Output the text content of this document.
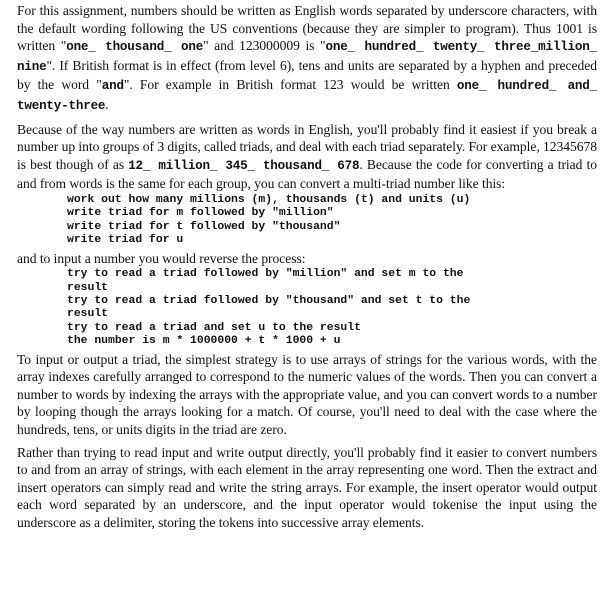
For this assignment, numbers should be written as English words separated by underscore characters, with the default wording following the US conventions (because they are simpler to program). Thus 1001 is written "one_ thousand_ one" and 123000009 is "one_ hundred_ twenty_ three_million_ nine". If British format is in effect (from level 6), tens and units are separated by a hyphen and preceded by the word "and". For example in British format 123 would be written one_ hundred_ and_ twenty-three.

Because of the way numbers are written as words in English, you'll probably find it easiest if you break a number up into groups of 3 digits, called triads, and deal with each triad separately. For example, 12345678 is best though of as 12_ million_ 345_ thousand_ 678. Because the code for converting a triad to and from words is the same for each group, you can convert a multi-triad number like this:

work out how many millions (m), thousands (t) and units (u)
write triad for m followed by "million"
write triad for t followed by "thousand"
write triad for u

and to input a number you would reverse the process:

try to read a triad followed by "million" and set m to the
result
try to read a triad followed by "thousand" and set t to the
result
try to read a triad and set u to the result
the number is m * 1000000 + t * 1000 + u

To input or output a triad, the simplest strategy is to use arrays of strings for the various words, with the array indexes carefully arranged to correspond to the numeric values of the words. Then you can convert a number to words by indexing the arrays with the appropriate value, and you can convert words to a number by looping though the arrays looking for a match. Of course, you'll need to deal with the case where the hundreds, tens, or units digits in the triad are zero.

Rather than trying to read input and write output directly, you'll probably find it easier to convert numbers to and from an array of strings, with each element in the array representing one word. Then the extract and insert operators can simply read and write the string arrays. For example, the insert operator would output each word separated by an underscore, and the input operator would tokenise the input using the underscore as a delimiter, storing the tokens into successive array elements.
